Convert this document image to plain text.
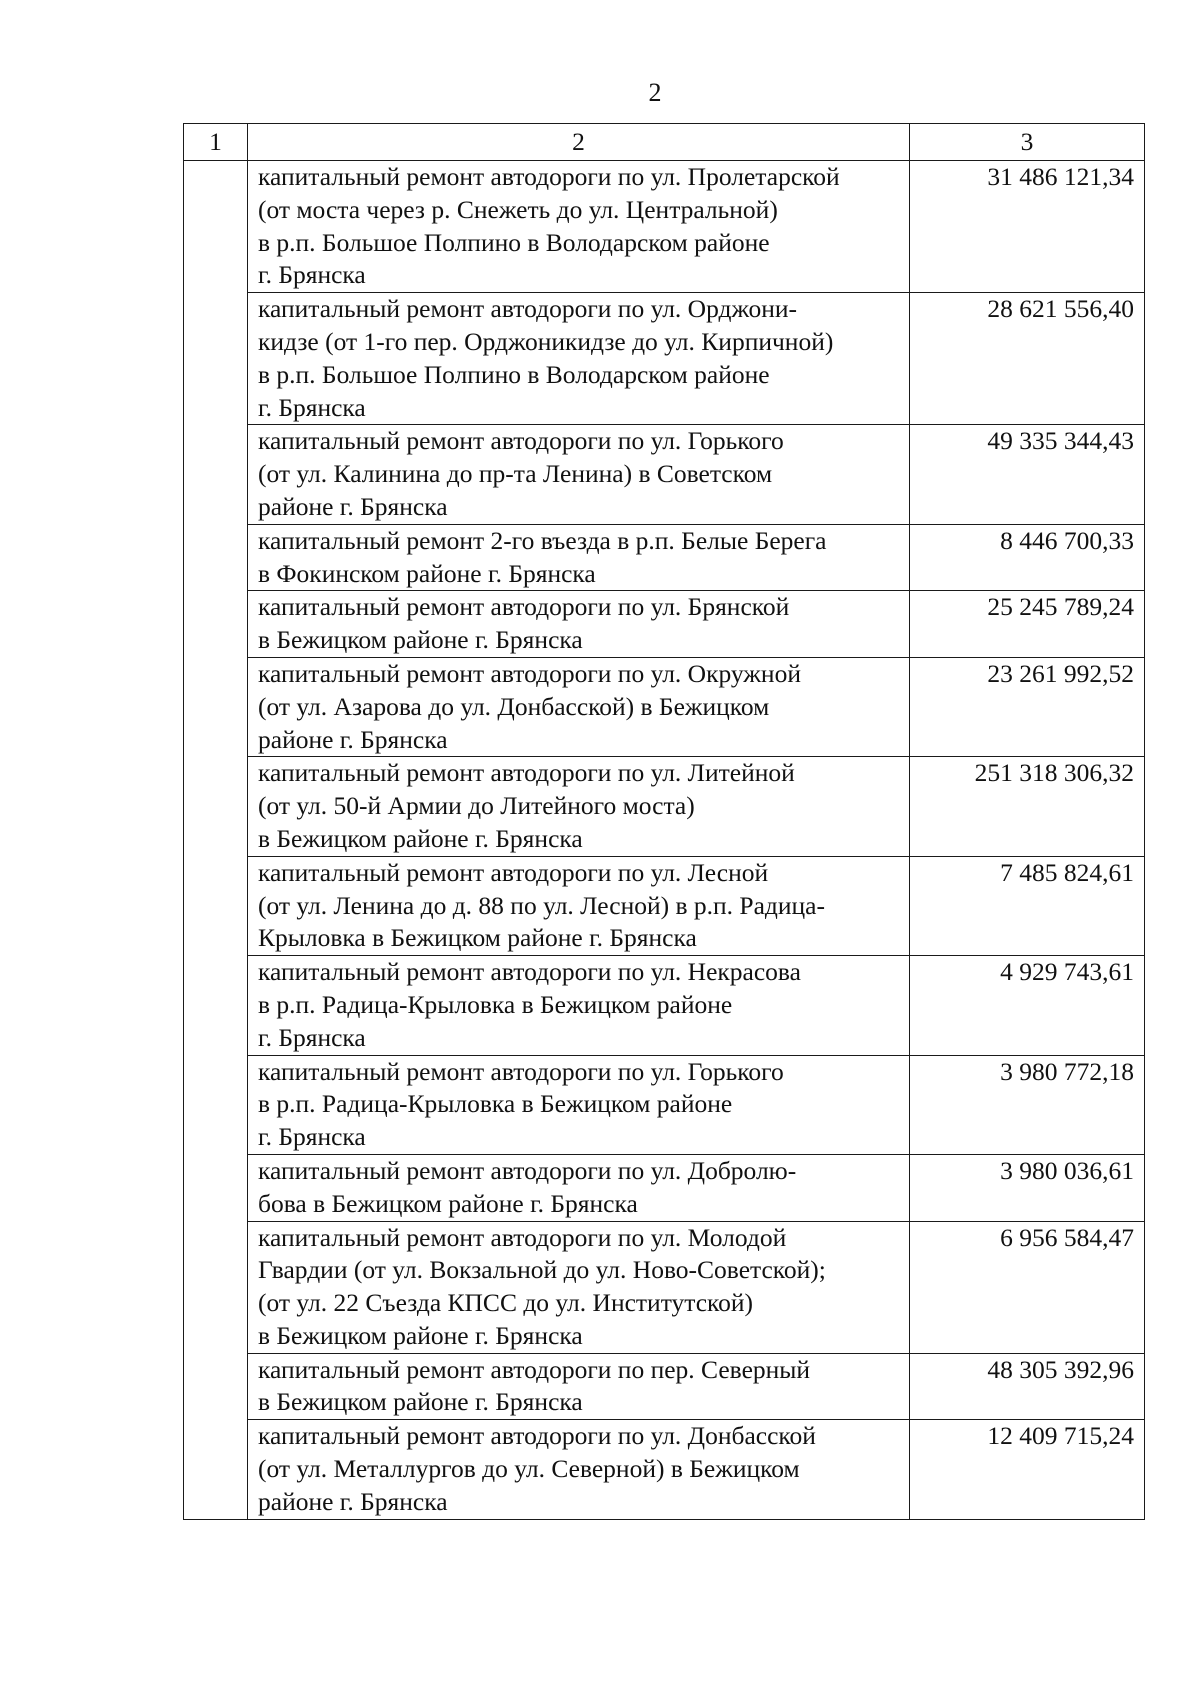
2
1	2	3

	капитальный ремонт автодороги по ул. Пролетарской
(от моста через р. Снежеть до ул. Центральной)
в р.п. Большое Полпино в Володарском районе
г. Брянска	31 486 121,34

	капитальный ремонт автодороги по ул. Орджони-
кидзе (от 1-го пер. Орджоникидзе до ул. Кирпичной)
в р.п. Большое Полпино в Володарском районе
г. Брянска	28 621 556,40

	капитальный ремонт автодороги по ул. Горького
(от ул. Калинина до пр-та Ленина) в Советском
районе г. Брянска	49 335 344,43

	капитальный ремонт 2-го въезда в р.п. Белые Берега
в Фокинском районе г. Брянска	8 446 700,33

	капитальный ремонт автодороги по ул. Брянской
в Бежицком районе г. Брянска	25 245 789,24

	капитальный ремонт автодороги по ул. Окружной
(от ул. Азарова до ул. Донбасской) в Бежицком
районе г. Брянска	23 261 992,52

	капитальный ремонт автодороги по ул. Литейной
(от ул. 50-й Армии до Литейного моста)
в Бежицком районе г. Брянска	251 318 306,32

	капитальный ремонт автодороги по ул. Лесной
(от ул. Ленина до д. 88 по ул. Лесной) в р.п. Радица-
Крыловка в Бежицком районе г. Брянска	7 485 824,61

	капитальный ремонт автодороги по ул. Некрасова
в р.п. Радица-Крыловка в Бежицком районе
г. Брянска	4 929 743,61

	капитальный ремонт автодороги по ул. Горького
в р.п. Радица-Крыловка в Бежицком районе
г. Брянска	3 980 772,18

	капитальный ремонт автодороги по ул. Добролю-
бова в Бежицком районе г. Брянска	3 980 036,61

	капитальный ремонт автодороги по ул. Молодой
Гвардии (от ул. Вокзальной до ул. Ново-Советской);
(от ул. 22 Съезда КПСС до ул. Институтской)
в Бежицком районе г. Брянска	6 956 584,47

	капитальный ремонт автодороги по пер. Северный
в Бежицком районе г. Брянска	48 305 392,96

	капитальный ремонт автодороги по ул. Донбасской
(от ул. Металлургов до ул. Северной) в Бежицком
районе г. Брянска	12 409 715,24
